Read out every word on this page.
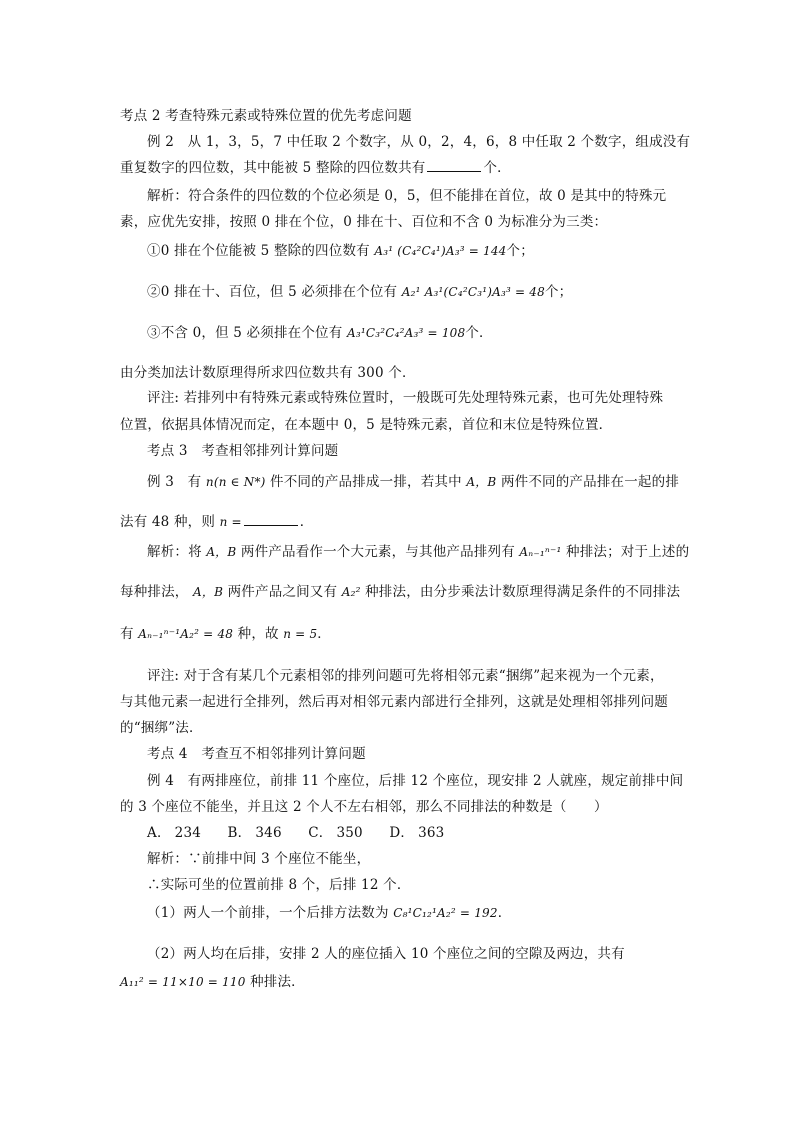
考点 2 考查特殊元素或特殊位置的优先考虑问题
例 2　从 1，3，5，7 中任取 2 个数字，从 0，2，4，6，8 中任取 2 个数字，组成没有
重复数字的四位数，其中能被 5 整除的四位数共有	个．
解析：符合条件的四位数的个位必须是 0，5，但不能排在首位，故 0 是其中的特殊元
素，应优先安排，按照 0 排在个位，0 排在十、百位和不含 0 为标准分为三类：
①0 排在个位能被 5 整除的四位数有 A₃¹ (C₄²C₄¹)A₃³ = 144个；
②0 排在十、百位，但 5 必须排在个位有 A₂¹ A₃¹(C₄²C₃¹)A₃³ = 48个；
③不含 0，但 5 必须排在个位有 A₃¹C₃²C₄²A₃³ = 108个．
由分类加法计数原理得所求四位数共有 300 个．
评注: 若排列中有特殊元素或特殊位置时，一般既可先处理特殊元素，也可先处理特殊
位置，依据具体情况而定，在本题中 0，5 是特殊元素，首位和末位是特殊位置．
考点 3　考查相邻排列计算问题
例 3　有 n(n ∈ N*) 件不同的产品排成一排，若其中 A，B 两件不同的产品排在一起的排
法有 48 种，则 n =	．
解析：将 A，B 两件产品看作一个大元素，与其他产品排列有 Aₙ₋₁ⁿ⁻¹ 种排法；对于上述的
每种排法， A，B 两件产品之间又有 A₂² 种排法，由分步乘法计数原理得满足条件的不同排法
有 Aₙ₋₁ⁿ⁻¹A₂² = 48 种，故 n = 5．
评注: 对于含有某几个元素相邻的排列问题可先将相邻元素“捆绑”起来视为一个元素，
与其他元素一起进行全排列，然后再对相邻元素内部进行全排列，这就是处理相邻排列问题
的“捆绑”法．
考点 4　考查互不相邻排列计算问题
例 4　有两排座位，前排 11 个座位，后排 12 个座位，现安排 2 人就座，规定前排中间
的 3 个座位不能坐，并且这 2 个人不左右相邻，那么不同排法的种数是（　　）
A． 234 B． 346 C． 350 D． 363
解析：∵前排中间 3 个座位不能坐，
∴实际可坐的位置前排 8 个，后排 12 个．
（1）两人一个前排，一个后排方法数为 C₈¹C₁₂¹A₂² = 192．
（2）两人均在后排，安排 2 人的座位插入 10 个座位之间的空隙及两边，共有
A₁₁² = 11×10 = 110 种排法．
